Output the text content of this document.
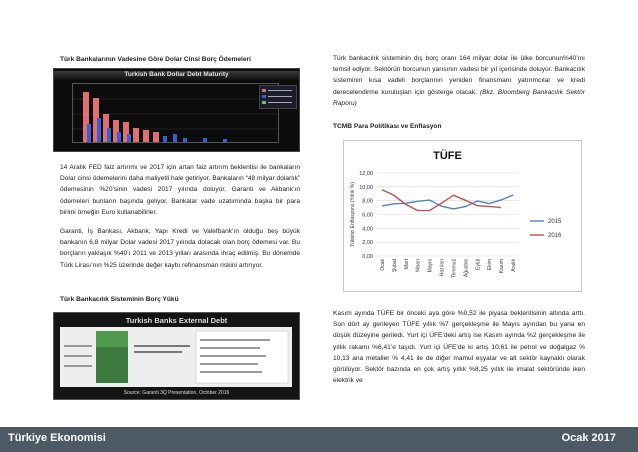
Türk Bankalarının Vadesine Göre Dolar Cinsi Borç Ödemeleri
Turkish Bank Dollar Debt Maturity

14 Aralık FED faiz artırımı ve 2017 için artan faiz artırım beklentisi ile bankaların Dolar cinsi ödemelerini daha maliyetli hale getiriyor. Bankaların “48 milyar dolarlık” ödemesinin %20’sinin vadesi 2017 yılında doluyor. Garanti ve Akbank’ın ödemeleri bunların başında geliyor. Bankalar vade uzatımında başka bir para birimi örneğin Euro kullanabilirler.

Garanti, İş Bankası, Akbank, Yapı Kredi ve Valefbank’ın olduğu beş büyük bankanın 6,8 milyar Dolar vadesi 2017 yılında dolacak olan borç ödemesi var. Bu borçların yaklaşık %40’ı 2011 ve 2013 yılları arasında ihraç edilmiş. Bu dönemde Türk Lirası’nın %25 üzerinde değer kaybı refinansman riskini artırıyor.

Türk Bankacılık Sisteminin Borç Yükü
Turkish Banks External Debt
Source: Garanti 3Q Presentation, October 2016
Türk bankacılık sisteminin dış borç oranı 164 milyar dolar ile ülke borcunun%40’ını temsil ediyor. Sektörün borcunun yarısının vadesi bir yıl içerisinde doluyor. Bankacılık sisteminin kısa vadeli borçlarının yeniden finansmanı yatırımcılar ve kredi derecelendirme kuruluşları için gösterge olacak. (Bkz. Bloomberg Bankacılık Sektör Raporu)
TCMB Para Politikası ve Enflasyon
TÜFE
0,00
2,00
4,00
6,00
8,00
10,00
12,00
Tüketici Enflasyonu (Yıllık %)
Ocak Şubat Mart Nisan Mayıs Haziran Temmuz Ağustos Eylül Ekim Kasım Aralık
2015
2016
Kasım ayında TÜFE bir önceki aya göre %0,52 ile piyasa beklentisinin altında arttı. Son dört ay gerileyen TÜFE yıllık %7 gerçekleşme ile Mayıs ayından bu yana en düşük düzeyine geriledi. Yurt içi ÜFE’deki artış ise Kasım ayında %2 gerçekleşme ile yıllık rakamı %6,41’e taşıdı. Yurt içi ÜFE’de ki artış 10,61 ile petrol ve doğalgaz % 10,13 ana metaller % 4,41 ile de diğer mamul eşyalar ve alt sektör kaynaklı olarak görülüyor. Sektör bazında en çok artış yıllık %8,25 yıllık ile imalat sektöründe iken elektrik ve
Türkiye Ekonomisi	Ocak 2017
